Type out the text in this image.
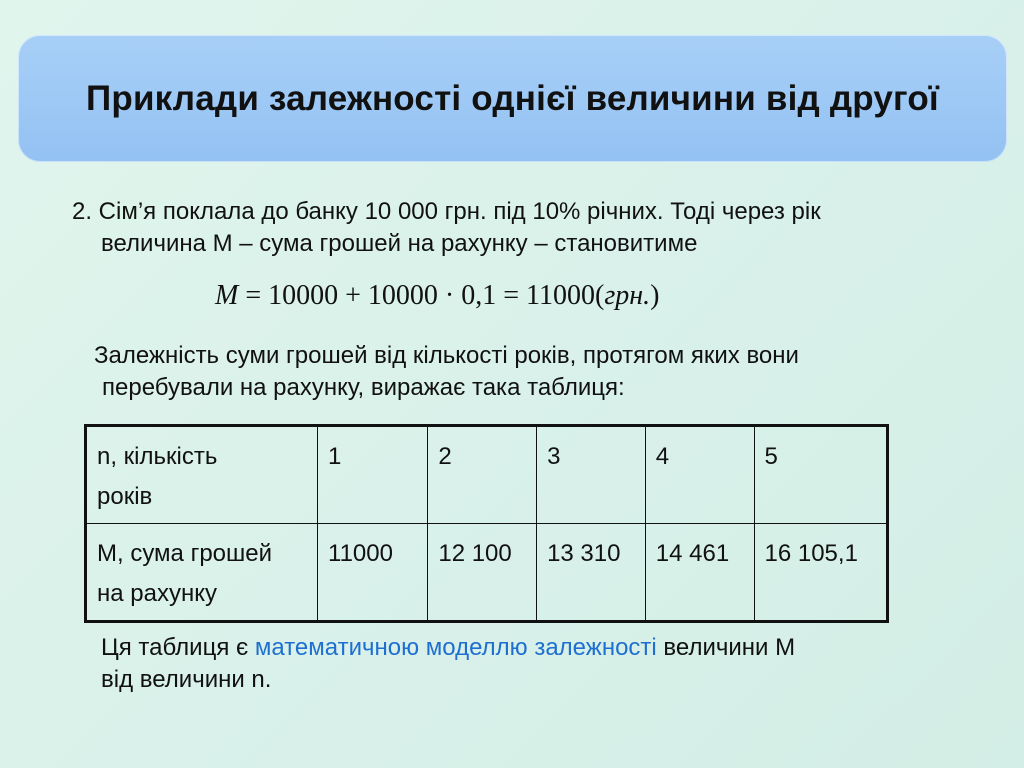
Приклади залежності однієї величини від другої

2. Сім’я поклала до банку 10 000 грн. під 10% річних. Тоді через рік
величина М – сума грошей на рахунку – становитиме

M = 10000 + 10000 · 0,1 = 11000(грн.)

Залежність суми грошей від кількості років, протягом яких вони
перебували на рахунку, виражає така таблиця:

n, кількість
років	1	2	3	4	5
М, сума грошей
на рахунку	11000	12 100	13 310	14 461	16 105,1

Ця таблиця є математичною моделлю залежності величини М
від величини n.
